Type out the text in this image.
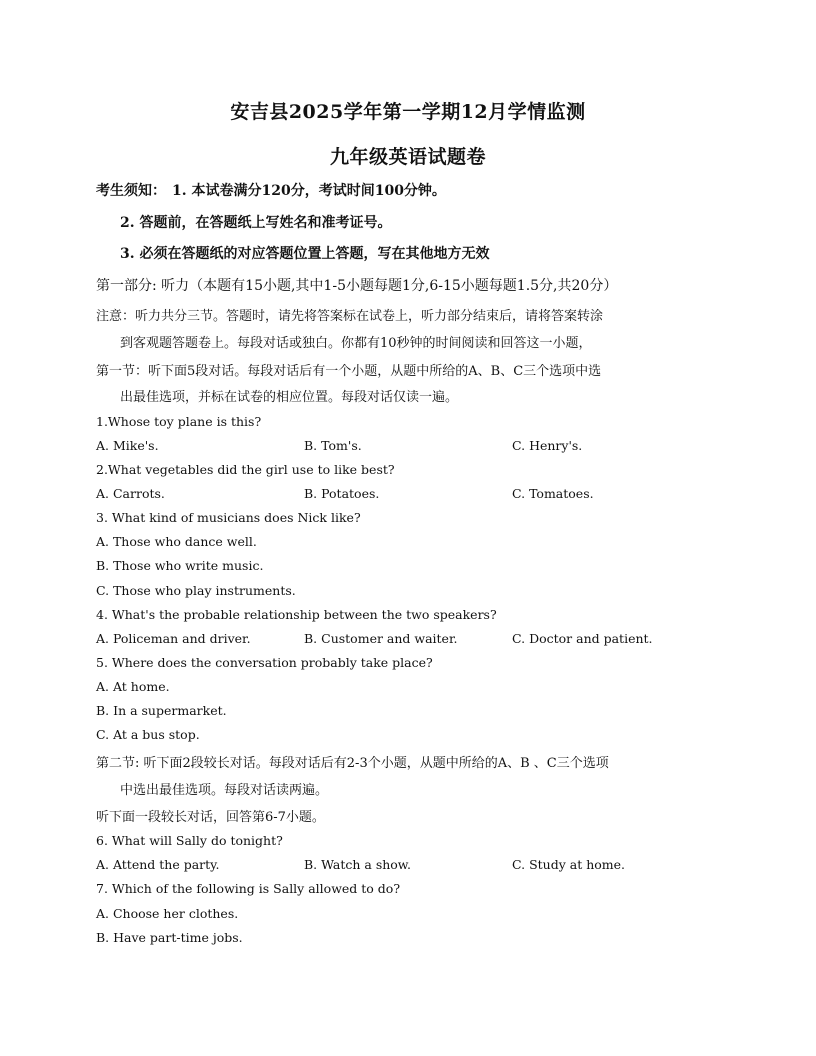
安吉县2025学年第一学期12月学情监测
九年级英语试题卷
考生须知： 1. 本试卷满分120分，考试时间100分钟。
2. 答题前，在答题纸上写姓名和准考证号。
3. 必须在答题纸的对应答题位置上答题，写在其他地方无效
第一部分: 听力（本题有15小题,其中1-5小题每题1分,6-15小题每题1.5分,共20分）
注意：听力共分三节。答题时，请先将答案标在试卷上，听力部分结束后，请将答案转涂
到客观题答题卷上。每段对话或独白。你都有10秒钟的时间阅读和回答这一小题，
第一节：听下面5段对话。每段对话后有一个小题，从题中所给的A、B、C三个选项中选
出最佳选项，并标在试卷的相应位置。每段对话仅读一遍。
1.Whose toy plane is this?
A. Mike's.	B. Tom's.	C. Henry's.
2.What vegetables did the girl use to like best?
A. Carrots.	B. Potatoes.	C. Tomatoes.
3. What kind of musicians does Nick like?
A. Those who dance well.
B. Those who write music.
C. Those who play instruments.
4. What's the probable relationship between the two speakers?
A. Policeman and driver.	B. Customer and waiter.	C. Doctor and patient.
5. Where does the conversation probably take place?
A. At home.
B. In a supermarket.
C. At a bus stop.
第二节: 听下面2段较长对话。每段对话后有2-3个小题，从题中所给的A、B 、C三个选项
中选出最佳选项。每段对话读两遍。
听下面一段较长对话，回答第6-7小题。
6. What will Sally do tonight?
A. Attend the party.	B. Watch a show.	C. Study at home.
7. Which of the following is Sally allowed to do?
A. Choose her clothes.
B. Have part-time jobs.
